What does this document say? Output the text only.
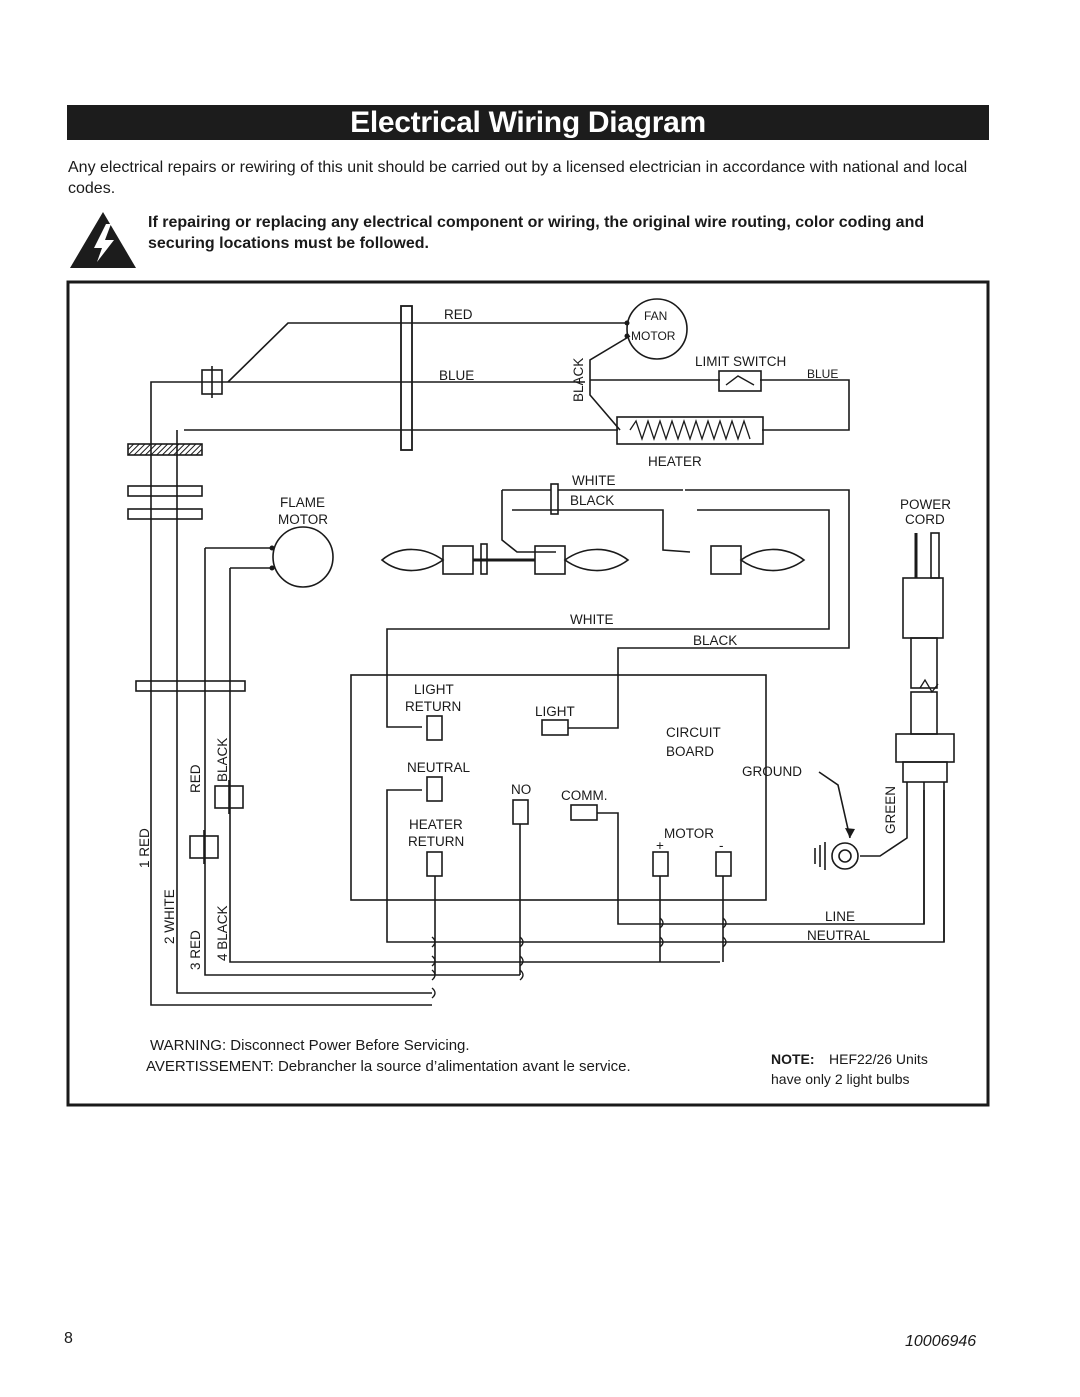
Electrical Wiring Diagram

Any electrical repairs or rewiring of this unit should be carried out by a licensed electrician in accordance with national and local codes.

If repairing or replacing any electrical component or wiring, the original wire routing, color coding and securing locations must be followed.

RED
BLUE	BLACK
FAN
MOTOR
LIMIT SWITCH
BLUE
HEATER
WHITE
BLACK
FLAME
MOTOR
POWER
CORD
WHITE
BLACK
LIGHT
RETURN	LIGHT
CIRCUIT
BOARD
NEUTRAL	GROUND
NO COMM.	GREEN
HEATER
RETURN
MOTOR
+	-
LINE
NEUTRAL
RED BLACK
1 RED
2 WHITE
3 RED 4 BLACK
WARNING: Disconnect Power Before Servicing.
AVERTISSEMENT: Debrancher la source d’alimentation avant le service.	NOTE: HEF22/26 Units
have only 2 light bulbs
8	10006946
